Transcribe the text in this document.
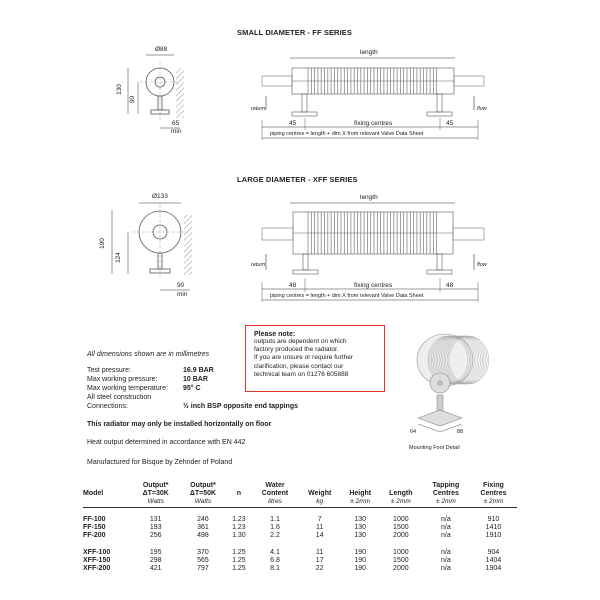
SMALL DIAMETER - FF SERIES
Ø88
130
90
65
min
length
return	flow
45	45
fixing centres
piping centres = length + dim X from relevant Valve Data Sheet
LARGE DIAMETER - XFF SERIES
Ø133
190
124
90
min
length
return	flow
48	48
fixing centres
piping centres = length + dim X from relevant Valve Data Sheet
All dimensions shown are in millimetres
Test pressure:	16.9 BAR
Max working pressure:	10 BAR
Max working temperature: 95° C
All steel construction
Connections:	½ inch BSP opposite end tappings
This radiator may only be installed horizontally on floor
Heat output determined in accordance with EN 442
Manufactured for Bisque by Zehnder of Poland
Please note:
outputs are dependent on which
factory produced the radiator.
If you are unsure or require further
clarification, please contact our
technical team on 01276 605888
64	88
Mounting Foot Detail
	Output*	Output*		Water				Tapping	Fixing
Model	ΔT=30K	ΔT=50K	n	Content	Weight	Height	Length	Centres	Centres
	Watts	Watts		litres	kg	± 2mm	± 2mm	± 2mm	± 2mm

FF-100	131	246	1.23	1.1	7	130	1000	n/a	910
FF-150	193	361	1.23	1.6	11	130	1500	n/a	1410
FF-200	256	498	1.30	2.2	14	130	2000	n/a	1910

XFF-100	195	370	1.25	4.1	11	190	1000	n/a	904
XFF-150	298	565	1.25	6.8	17	190	1500	n/a	1404
XFF-200	421	797	1.25	8.1	22	190	2000	n/a	1904
